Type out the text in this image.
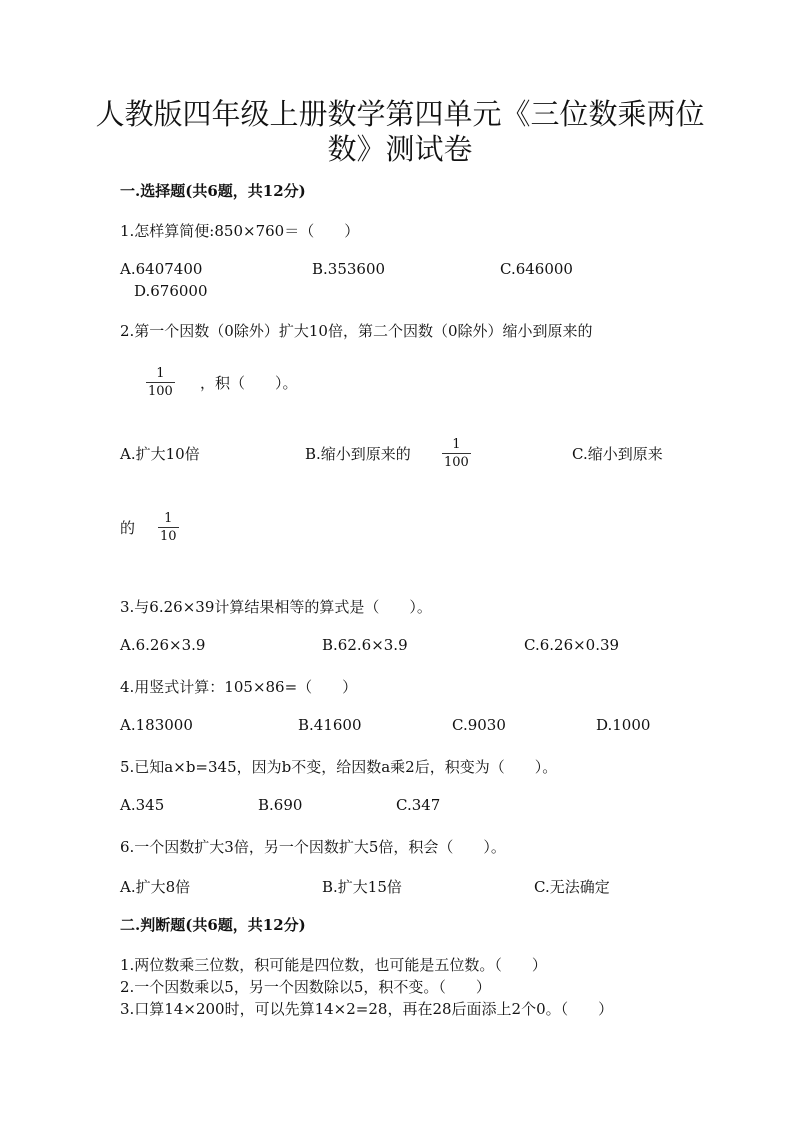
人教版四年级上册数学第四单元《三位数乘两位
数》测试卷
一.选择题(共6题，共12分)
1.怎样算简便:850×760＝（　　）
A.6407400	B.353600	C.646000
D.676000
2.第一个因数（0除外）扩大10倍，第二个因数（0除外）缩小到原来的
1
100 ，积（　　）。
A.扩大10倍	B.缩小到原来的
1
100	C.缩小到原来
的
1
10
3.与6.26×39计算结果相等的算式是（　　）。
A.6.26×3.9	B.62.6×3.9	C.6.26×0.39
4.用竖式计算：105×86=（　　）
A.183000	B.41600	C.9030	D.1000
5.已知a×b=345，因为b不变，给因数a乘2后，积变为（　　）。
A.345	B.690	C.347
6.一个因数扩大3倍，另一个因数扩大5倍，积会（　　）。
A.扩大8倍	B.扩大15倍	C.无法确定
二.判断题(共6题，共12分)
1.两位数乘三位数，积可能是四位数，也可能是五位数。（　　）
2.一个因数乘以5，另一个因数除以5，积不变。（　　）
3.口算14×200时，可以先算14×2=28，再在28后面添上2个0。（　　）
